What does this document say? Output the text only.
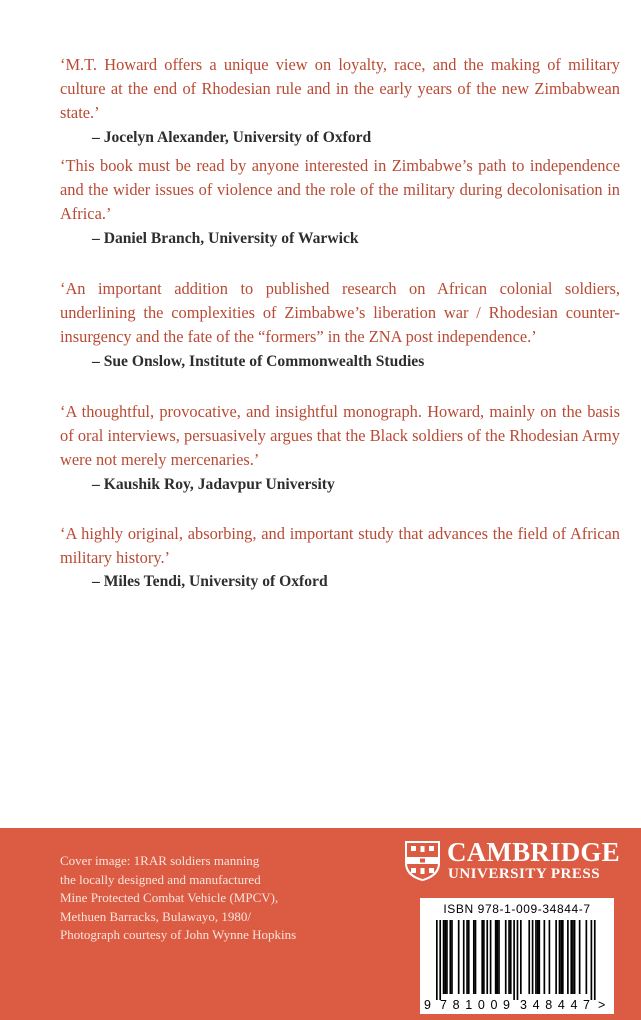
‘M.T. Howard offers a unique view on loyalty, race, and the making of military culture at the end of Rhodesian rule and in the early years of the new Zimbabwean state.’

– Jocelyn Alexander, University of Oxford

‘This book must be read by anyone interested in Zimbabwe’s path to independence and the wider issues of violence and the role of the military during decolonisation in Africa.’

– Daniel Branch, University of Warwick

‘An important addition to published research on African colonial soldiers, underlining the complexities of Zimbabwe’s liberation war / Rhodesian counter-insurgency and the fate of the “formers” in the ZNA post independence.’

– Sue Onslow, Institute of Commonwealth Studies

‘A thoughtful, provocative, and insightful monograph. Howard, mainly on the basis of oral interviews, persuasively argues that the Black soldiers of the Rhodesian Army were not merely mercenaries.’

– Kaushik Roy, Jadavpur University

‘A highly original, absorbing, and important study that advances the field of African military history.’

– Miles Tendi, University of Oxford

Cover image: 1RAR soldiers manning
the locally designed and manufactured
Mine Protected Combat Vehicle (MPCV),
Methuen Barracks, Bulawayo, 1980/
Photograph courtesy of John Wynne Hopkins

CAMBRIDGE
UNIVERSITY PRESS
ISBN 978-1-009-34844-7
9 781009 348447 >
